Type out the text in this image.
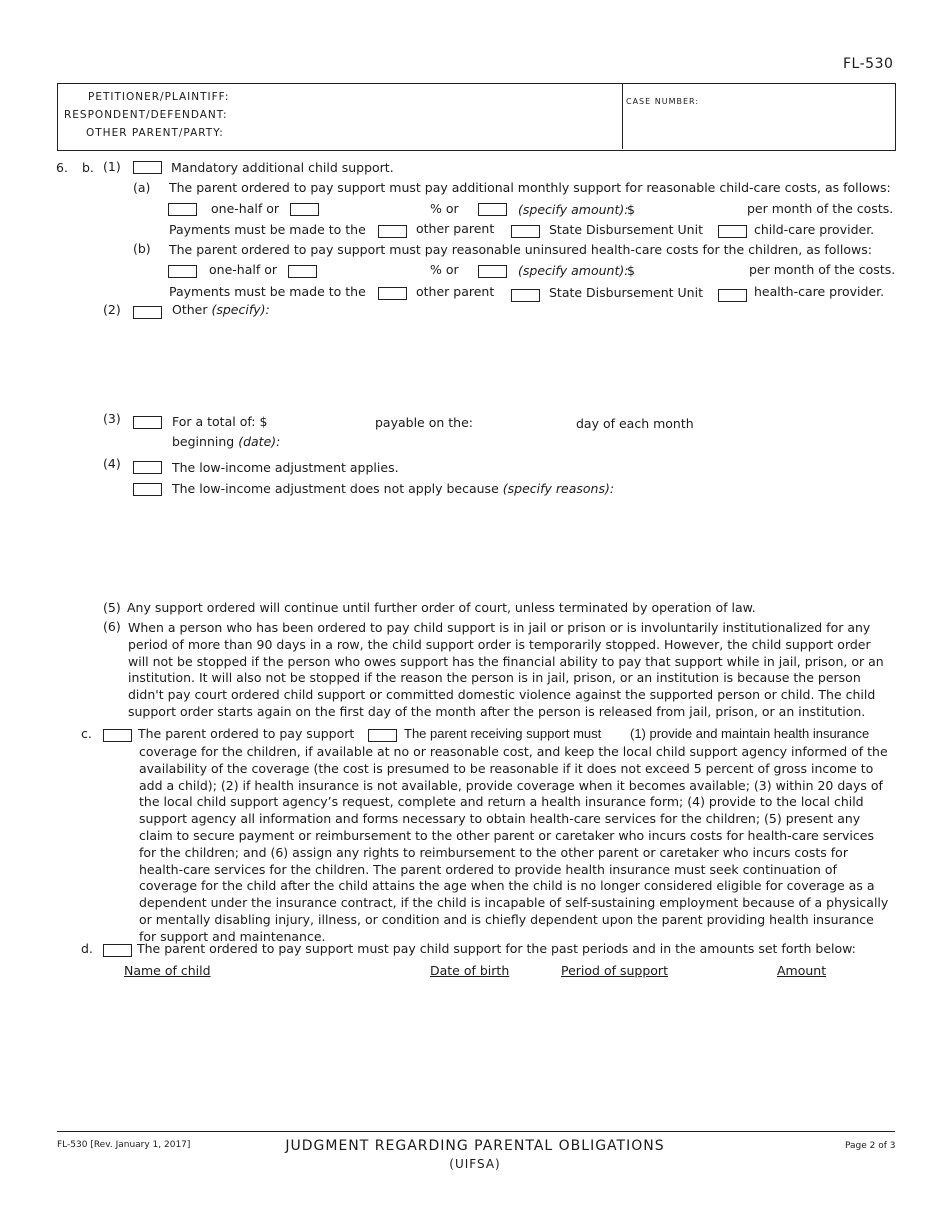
FL-530
PETITIONER/PLAINTIFF:
RESPONDENT/DEFENDANT:
OTHER PARENT/PARTY:
CASE NUMBER:
6. b. (1)	Mandatory additional child support.
(a) The parent ordered to pay support must pay additional monthly support for reasonable child-care costs, as follows:
one-half or	% or	(specify amount):
$	per month of the costs.
Payments must be made to the	other parent	State Disbursement Unit	child-care provider.
(b) The parent ordered to pay support must pay reasonable uninsured health-care costs for the children, as follows:
one-half or	% or	(specify amount):
$	per month of the costs.
Payments must be made to the	other parent	State Disbursement Unit	health-care provider.
(2)	Other (specify):
(3)	For a total of: $	payable on the:	day of each month
beginning (date):
(4)	The low-income adjustment applies.
The low-income adjustment does not apply because (specify reasons):
(5) Any support ordered will continue until further order of court, unless terminated by operation of law.
(6) When a person who has been ordered to pay child support is in jail or prison or is involuntarily institutionalized for any period of more than 90 days in a row, the child support order is temporarily stopped. However, the child support order will not be stopped if the person who owes support has the financial ability to pay that support while in jail, prison, or an institution. It will also not be stopped if the reason the person is in jail, prison, or an institution is because the person didn't pay court ordered child support or committed domestic violence against the supported person or child. The child support order starts again on the first day of the month after the person is released from jail, prison, or an institution.
c.	The parent ordered to pay support	The parent receiving support must (1) provide and maintain health insurance
coverage for the children, if available at no or reasonable cost, and keep the local child support agency informed of the availability of the coverage (the cost is presumed to be reasonable if it does not exceed 5 percent of gross income to add a child); (2) if health insurance is not available, provide coverage when it becomes available; (3) within 20 days of the local child support agency’s request, complete and return a health insurance form; (4) provide to the local child support agency all information and forms necessary to obtain health-care services for the children; (5) present any claim to secure payment or reimbursement to the other parent or caretaker who incurs costs for health-care services for the children; and (6) assign any rights to reimbursement to the other parent or caretaker who incurs costs for health-care services for the children. The parent ordered to provide health insurance must seek continuation of coverage for the child after the child attains the age when the child is no longer considered eligible for coverage as a dependent under the insurance contract, if the child is incapable of self-sustaining employment because of a physically or mentally disabling injury, illness, or condition and is chiefly dependent upon the parent providing health insurance for support and maintenance.
d.	The parent ordered to pay support must pay child support for the past periods and in the amounts set forth below:
Name of child	Date of birth	Period of support	Amount
FL-530 [Rev. January 1, 2017]	JUDGMENT REGARDING PARENTAL OBLIGATIONS
(UIFSA)
Page 2 of 3
